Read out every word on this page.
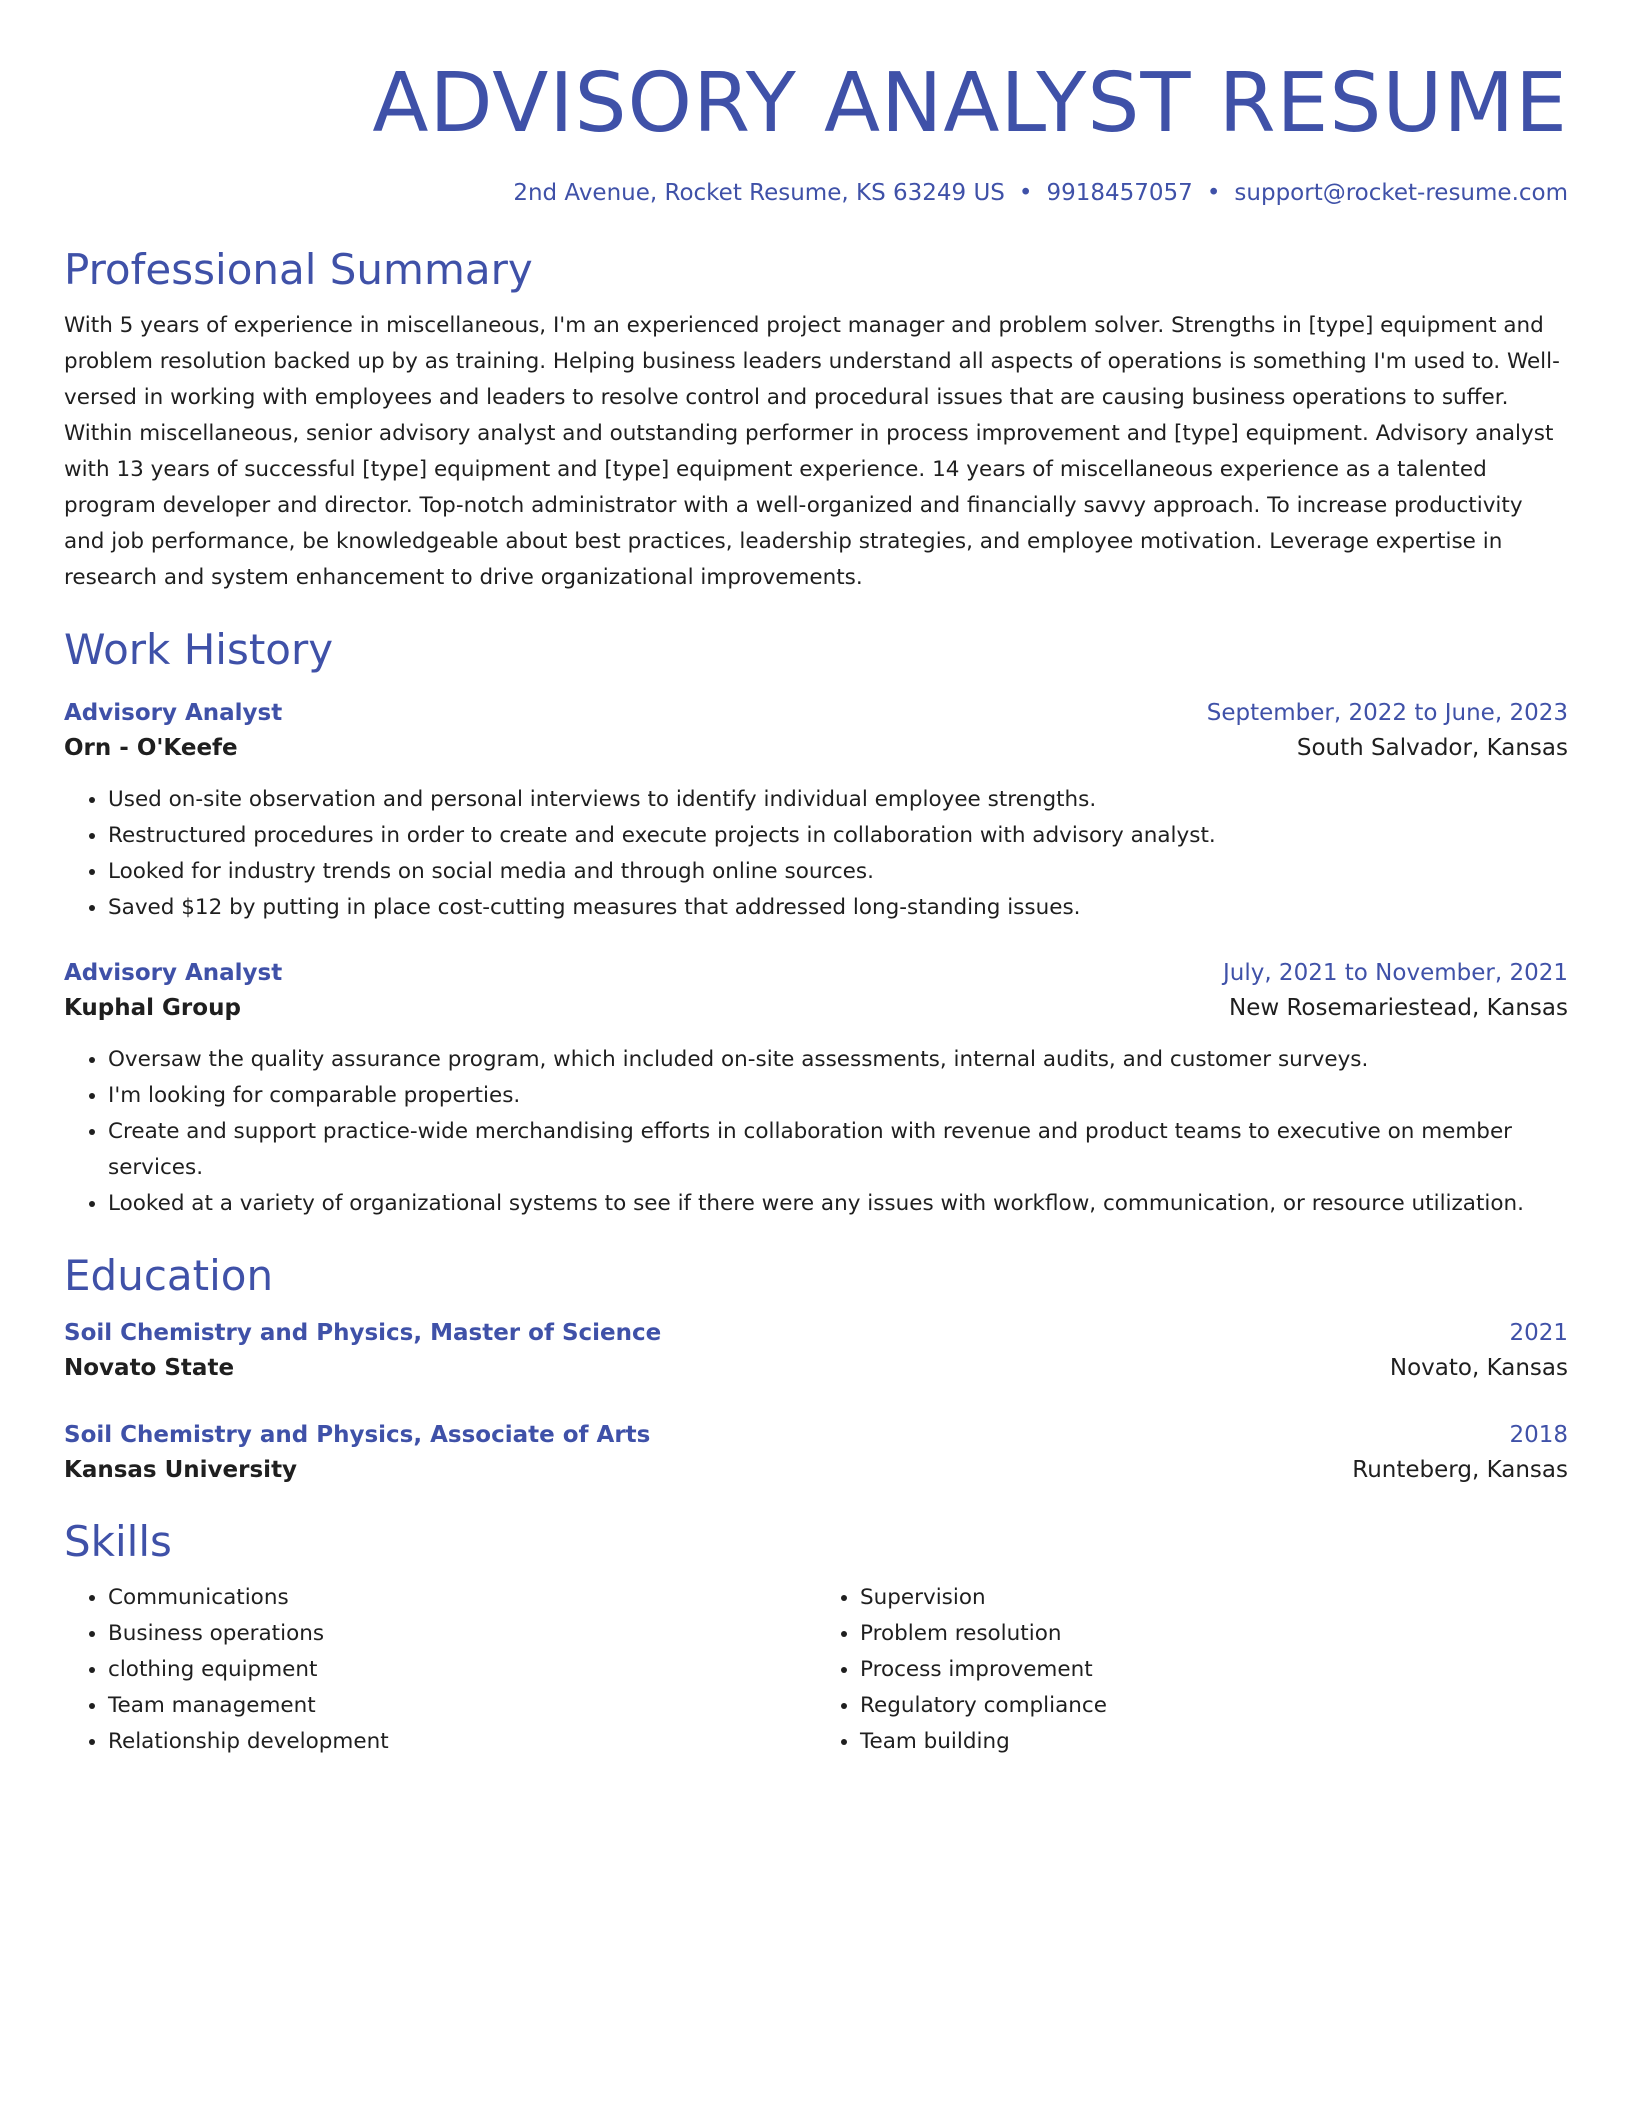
ADVISORY ANALYST RESUME
2nd Avenue, Rocket Resume, KS 63249 US • 9918457057 • support@rocket-resume.com
Professional Summary

With 5 years of experience in miscellaneous, I'm an experienced project manager and problem solver. Strengths in [type] equipment and problem resolution backed up by as training. Helping business leaders understand all aspects of operations is something I'm used to. Well-versed in working with employees and leaders to resolve control and procedural issues that are causing business operations to suffer. Within miscellaneous, senior advisory analyst and outstanding performer in process improvement and [type] equipment. Advisory analyst with 13 years of successful [type] equipment and [type] equipment experience. 14 years of miscellaneous experience as a talented program developer and director. Top-notch administrator with a well-organized and financially savvy approach. To increase productivity and job performance, be knowledgeable about best practices, leadership strategies, and employee motivation. Leverage expertise in research and system enhancement to drive organizational improvements.

Work History
Advisory Analyst	September, 2022 to June, 2023
Orn - O'Keefe	South Salvador, Kansas
• Used on-site observation and personal interviews to identify individual employee strengths.
• Restructured procedures in order to create and execute projects in collaboration with advisory analyst.
• Looked for industry trends on social media and through online sources.
• Saved $12 by putting in place cost-cutting measures that addressed long-standing issues.
Advisory Analyst	July, 2021 to November, 2021
Kuphal Group	New Rosemariestead, Kansas
• Oversaw the quality assurance program, which included on-site assessments, internal audits, and customer surveys.
• I'm looking for comparable properties.
• Create and support practice-wide merchandising efforts in collaboration with revenue and product teams to executive on member services.
• Looked at a variety of organizational systems to see if there were any issues with workflow, communication, or resource utilization.
Education
Soil Chemistry and Physics, Master of Science	2021
Novato State	Novato, Kansas
Soil Chemistry and Physics, Associate of Arts	2018
Kansas University	Runteberg, Kansas
Skills
• Communications
• Business operations
• clothing equipment
• Team management
• Relationship development
• Supervision
• Problem resolution
• Process improvement
• Regulatory compliance
• Team building
